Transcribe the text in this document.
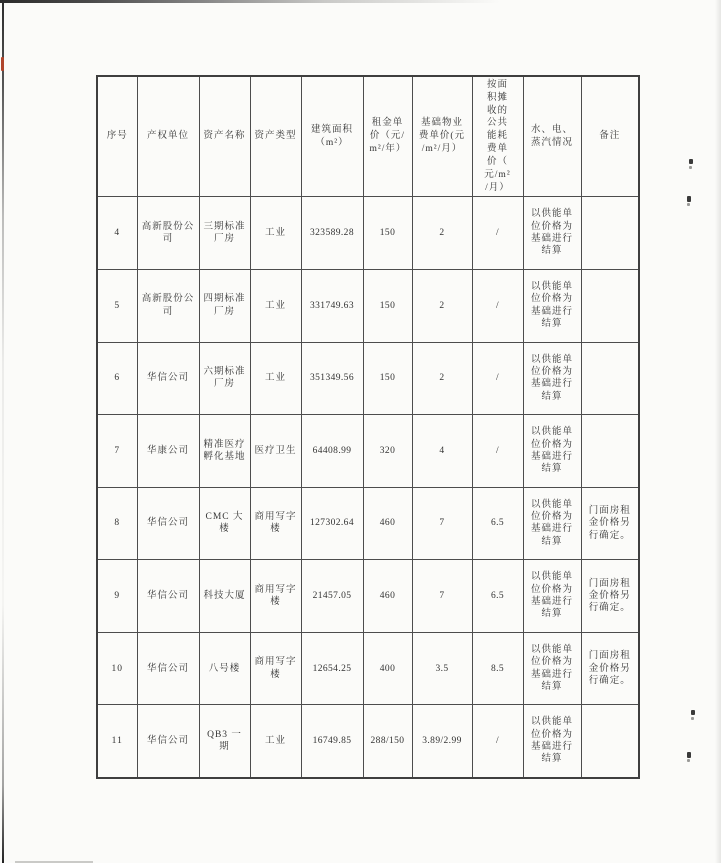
序号	产权单位	资产名称	资产类型	建筑面积（m²）	租金单价（元/m²/年）	基础物业费单价(元/m²/月）	按面积摊收的公共能耗费单价（元/m²/月）	水、电、蒸汽情况	备注
4	高新股份公司	三期标准厂房	工业	323589.28	150	2	/	以供能单位价格为基础进行结算	
5	高新股份公司	四期标准厂房	工业	331749.63	150	2	/	以供能单位价格为基础进行结算	
6	华信公司	六期标准厂房	工业	351349.56	150	2	/	以供能单位价格为基础进行结算	
7	华康公司	精准医疗孵化基地	医疗卫生	64408.99	320	4	/	以供能单位价格为基础进行结算	
8	华信公司	CMC 大楼	商用写字楼	127302.64	460	7	6.5	以供能单位价格为基础进行结算	门面房租金价格另行确定。
9	华信公司	科技大厦	商用写字楼	21457.05	460	7	6.5	以供能单位价格为基础进行结算	门面房租金价格另行确定。
10	华信公司	八号楼	商用写字楼	12654.25	400	3.5	8.5	以供能单位价格为基础进行结算	门面房租金价格另行确定。
11	华信公司	QB3 一期	工业	16749.85	288/150	3.89/2.99	/	以供能单位价格为基础进行结算	
